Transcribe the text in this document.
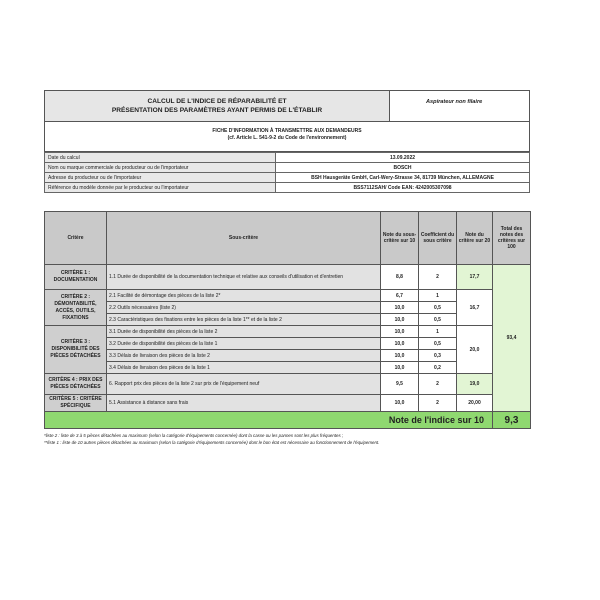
CALCUL DE L'INDICE DE RÉPARABILITÉ ET
PRÉSENTATION DES PARAMÈTRES AYANT PERMIS DE L'ÉTABLIR
Aspirateur non filaire
FICHE D'INFORMATION À TRANSMETTRE AUX DEMANDEURS
(cf. Article L. 541-9-2 du Code de l'environnement)
Date du calcul	13.09.2022
Nom ou marque commerciale du producteur ou de l'importateur	BOSCH
Adresse du producteur ou de l'importateur	BSH Hausgeräte GmbH, Carl-Wery-Strasse 34, 81739 München, ALLEMAGNE
Référence du modèle donnée par le producteur ou l'importateur	BSS7112SAH/ Code EAN: 4242005307098
Critère	Sous-critère	Note du sous-critère sur 10	Coefficient du sous critère	Note du critère sur 20	Total des notes des critères sur 100
CRITÈRE 1 : DOCUMENTATION	1.1 Durée de disponibilité de la documentation technique et relative aux conseils d'utilisation et d'entretien	8,8	2	17,7	93,4
CRITÈRE 2 : DÉMONTABILITÉ, ACCÈS, OUTILS, FIXATIONS	2.1 Facilité de démontage des pièces de la liste 2*	6,7	1	16,7	
	2.2 Outils nécessaires (liste 2)	10,0	0,5		
	2.3 Caractéristiques des fixations entre les pièces de la liste 1** et de la liste 2	10,0	0,5		
CRITÈRE 3 : DISPONIBILITÉ DES PIÈCES DÉTACHÉES	3.1 Durée de disponibilité des pièces de la liste 2	10,0	1	20,0	
	3.2 Durée de disponibilité des pièces de la liste 1	10,0	0,5		
	3.3 Délais de livraison des pièces de la liste 2	10,0	0,3		
	3.4 Délais de livraison des pièces de la liste 1	10,0	0,2		
CRITÈRE 4 : PRIX DES PIÈCES DÉTACHÉES	6. Rapport prix des pièces de la liste 2 sur prix de l'équipement neuf	9,5	2	19,0	
CRITÈRE 5 : CRITÈRE SPÉCIFIQUE	5.1 Assistance à distance sans frais	10,0	2	20,00	
Note de l'indice sur 10					9,3
*liste 2 : liste de 3 à 5 pièces détachées au maximum (selon la catégorie d'équipements concernée) dont la casse ou les pannes sont les plus fréquentes ;
**liste 1 : liste de 10 autres pièces détachées au maximum (selon la catégorie d'équipements concernée) dont le bon état est nécessaire au fonctionnement de l'équipement.
